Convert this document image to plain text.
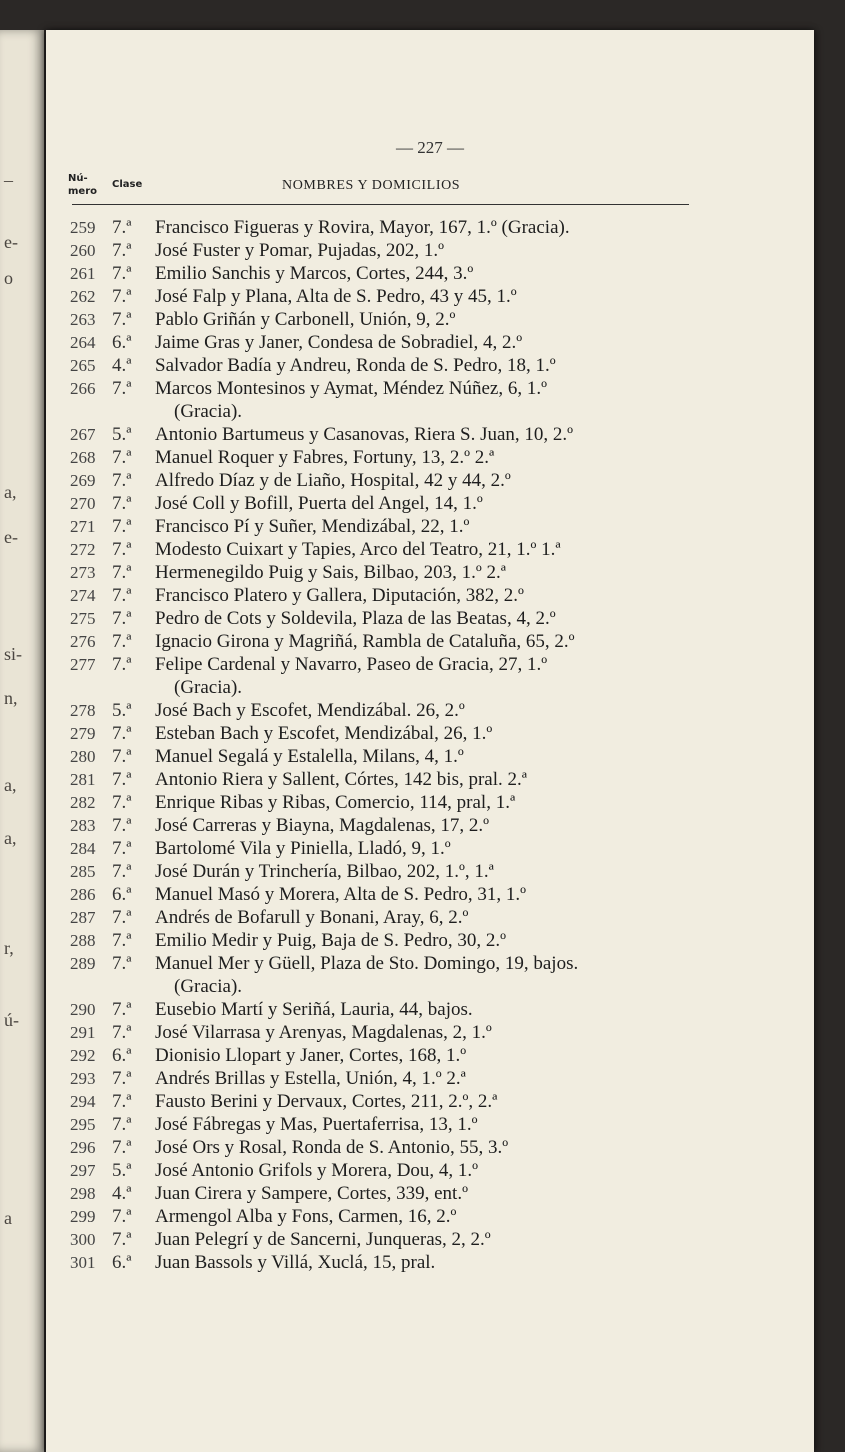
–
e-
o
a,
e-
si-
n,
a,
a,
r,
ú-
a
— 227 —
Nú-
mero
Clase	NOMBRES Y DOMICILIOS
259 7.ª Francisco Figueras y Rovira, Mayor, 167, 1.º (Gracia).
260 7.ª José Fuster y Pomar, Pujadas, 202, 1.º
261 7.ª Emilio Sanchis y Marcos, Cortes, 244, 3.º
262 7.ª José Falp y Plana, Alta de S. Pedro, 43 y 45, 1.º
263 7.ª Pablo Griñán y Carbonell, Unión, 9, 2.º
264 6.ª Jaime Gras y Janer, Condesa de Sobradiel, 4, 2.º
265 4.ª Salvador Badía y Andreu, Ronda de S. Pedro, 18, 1.º
266 7.ª Marcos Montesinos y Aymat, Méndez Núñez, 6, 1.º
(Gracia).
267 5.ª Antonio Bartumeus y Casanovas, Riera S. Juan, 10, 2.º
268 7.ª Manuel Roquer y Fabres, Fortuny, 13, 2.º 2.ª
269 7.ª Alfredo Díaz y de Liaño, Hospital, 42 y 44, 2.º
270 7.ª José Coll y Bofill, Puerta del Angel, 14, 1.º
271 7.ª Francisco Pí y Suñer, Mendizábal, 22, 1.º
272 7.ª Modesto Cuixart y Tapies, Arco del Teatro, 21, 1.º 1.ª
273 7.ª Hermenegildo Puig y Sais, Bilbao, 203, 1.º 2.ª
274 7.ª Francisco Platero y Gallera, Diputación, 382, 2.º
275 7.ª Pedro de Cots y Soldevila, Plaza de las Beatas, 4, 2.º
276 7.ª Ignacio Girona y Magriñá, Rambla de Cataluña, 65, 2.º
277 7.ª Felipe Cardenal y Navarro, Paseo de Gracia, 27, 1.º
(Gracia).
278 5.ª José Bach y Escofet, Mendizábal. 26, 2.º
279 7.ª Esteban Bach y Escofet, Mendizábal, 26, 1.º
280 7.ª Manuel Segalá y Estalella, Milans, 4, 1.º
281 7.ª Antonio Riera y Sallent, Córtes, 142 bis, pral. 2.ª
282 7.ª Enrique Ribas y Ribas, Comercio, 114, pral, 1.ª
283 7.ª José Carreras y Biayna, Magdalenas, 17, 2.º
284 7.ª Bartolomé Vila y Piniella, Lladó, 9, 1.º
285 7.ª José Durán y Trinchería, Bilbao, 202, 1.º, 1.ª
286 6.ª Manuel Masó y Morera, Alta de S. Pedro, 31, 1.º
287 7.ª Andrés de Bofarull y Bonani, Aray, 6, 2.º
288 7.ª Emilio Medir y Puig, Baja de S. Pedro, 30, 2.º
289 7.ª Manuel Mer y Güell, Plaza de Sto. Domingo, 19, bajos.
(Gracia).
290 7.ª Eusebio Martí y Seriñá, Lauria, 44, bajos.
291 7.ª José Vilarrasa y Arenyas, Magdalenas, 2, 1.º
292 6.ª Dionisio Llopart y Janer, Cortes, 168, 1.º
293 7.ª Andrés Brillas y Estella, Unión, 4, 1.º 2.ª
294 7.ª Fausto Berini y Dervaux, Cortes, 211, 2.º, 2.ª
295 7.ª José Fábregas y Mas, Puertaferrisa, 13, 1.º
296 7.ª José Ors y Rosal, Ronda de S. Antonio, 55, 3.º
297 5.ª José Antonio Grifols y Morera, Dou, 4, 1.º
298 4.ª Juan Cirera y Sampere, Cortes, 339, ent.º
299 7.ª Armengol Alba y Fons, Carmen, 16, 2.º
300 7.ª Juan Pelegrí y de Sancerni, Junqueras, 2, 2.º
301 6.ª Juan Bassols y Villá, Xuclá, 15, pral.
